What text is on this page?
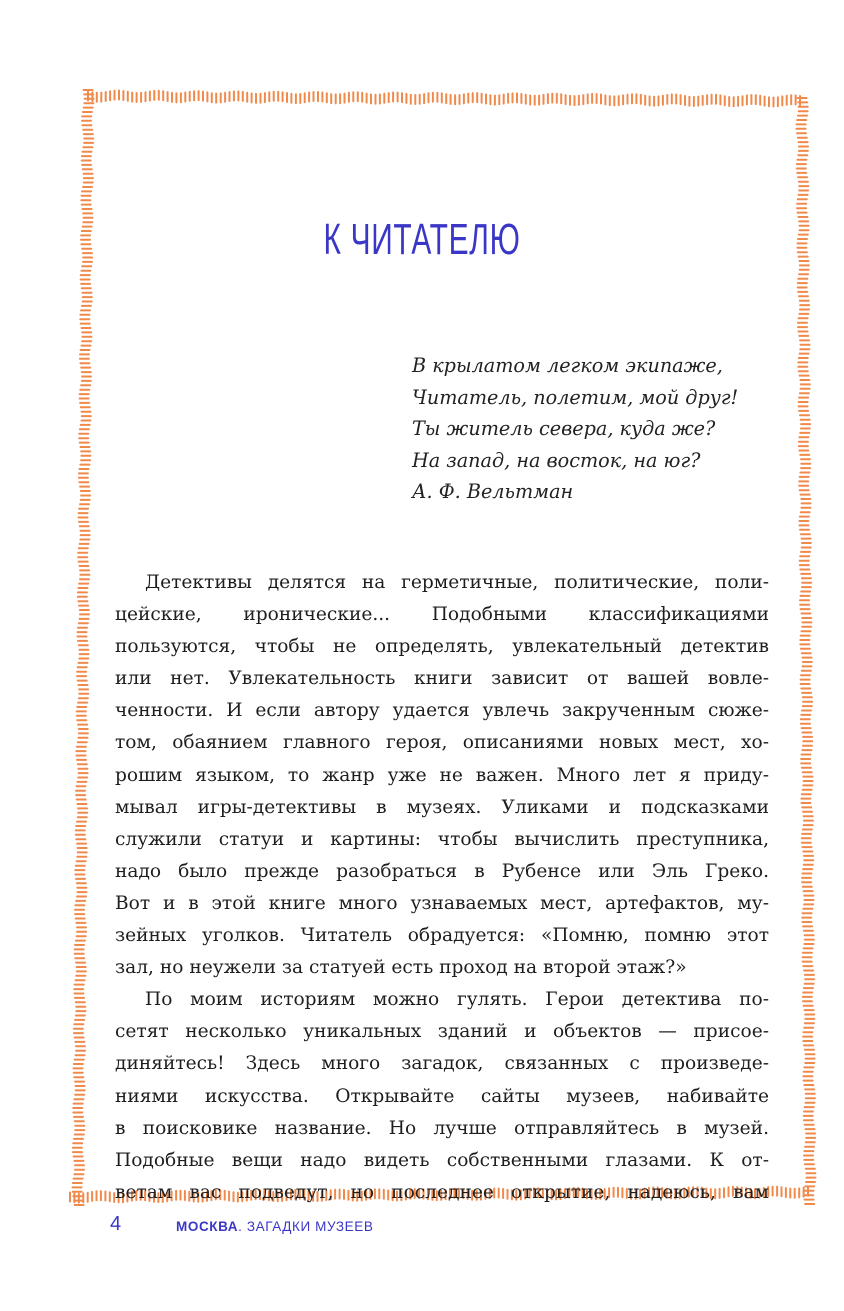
К ЧИТАТЕЛЮ
В крылатом легком экипаже,
Читатель, полетим, мой друг!
Ты житель севера, куда же?
На запад, на восток, на юг?
А. Ф. Вельтман
Детективы делятся на герметичные, политические, поли-
цейские, иронические... Подобными классификациями
пользуются, чтобы не определять, увлекательный детектив
или нет. Увлекательность книги зависит от вашей вовле-
ченности. И если автору удается увлечь закрученным сюже-
том, обаянием главного героя, описаниями новых мест, хо-
рошим языком, то жанр уже не важен. Много лет я приду-
мывал игры-детективы в музеях. Уликами и подсказками
служили статуи и картины: чтобы вычислить преступника,
надо было прежде разобраться в Рубенсе или Эль Греко.
Вот и в этой книге много узнаваемых мест, артефактов, му-
зейных уголков. Читатель обрадуется: «Помню, помню этот
зал, но неужели за статуей есть проход на второй этаж?»
По моим историям можно гулять. Герои детектива по-
сетят несколько уникальных зданий и объектов — присое-
диняйтесь! Здесь много загадок, связанных с произведе-
ниями искусства. Открывайте сайты музеев, набивайте
в поисковике название. Но лучше отправляйтесь в музей.
Подобные вещи надо видеть собственными глазами. К от-
ветам вас подведут, но последнее открытие, надеюсь, вам
4	МОСКВА. ЗАГАДКИ МУЗЕЕВ
